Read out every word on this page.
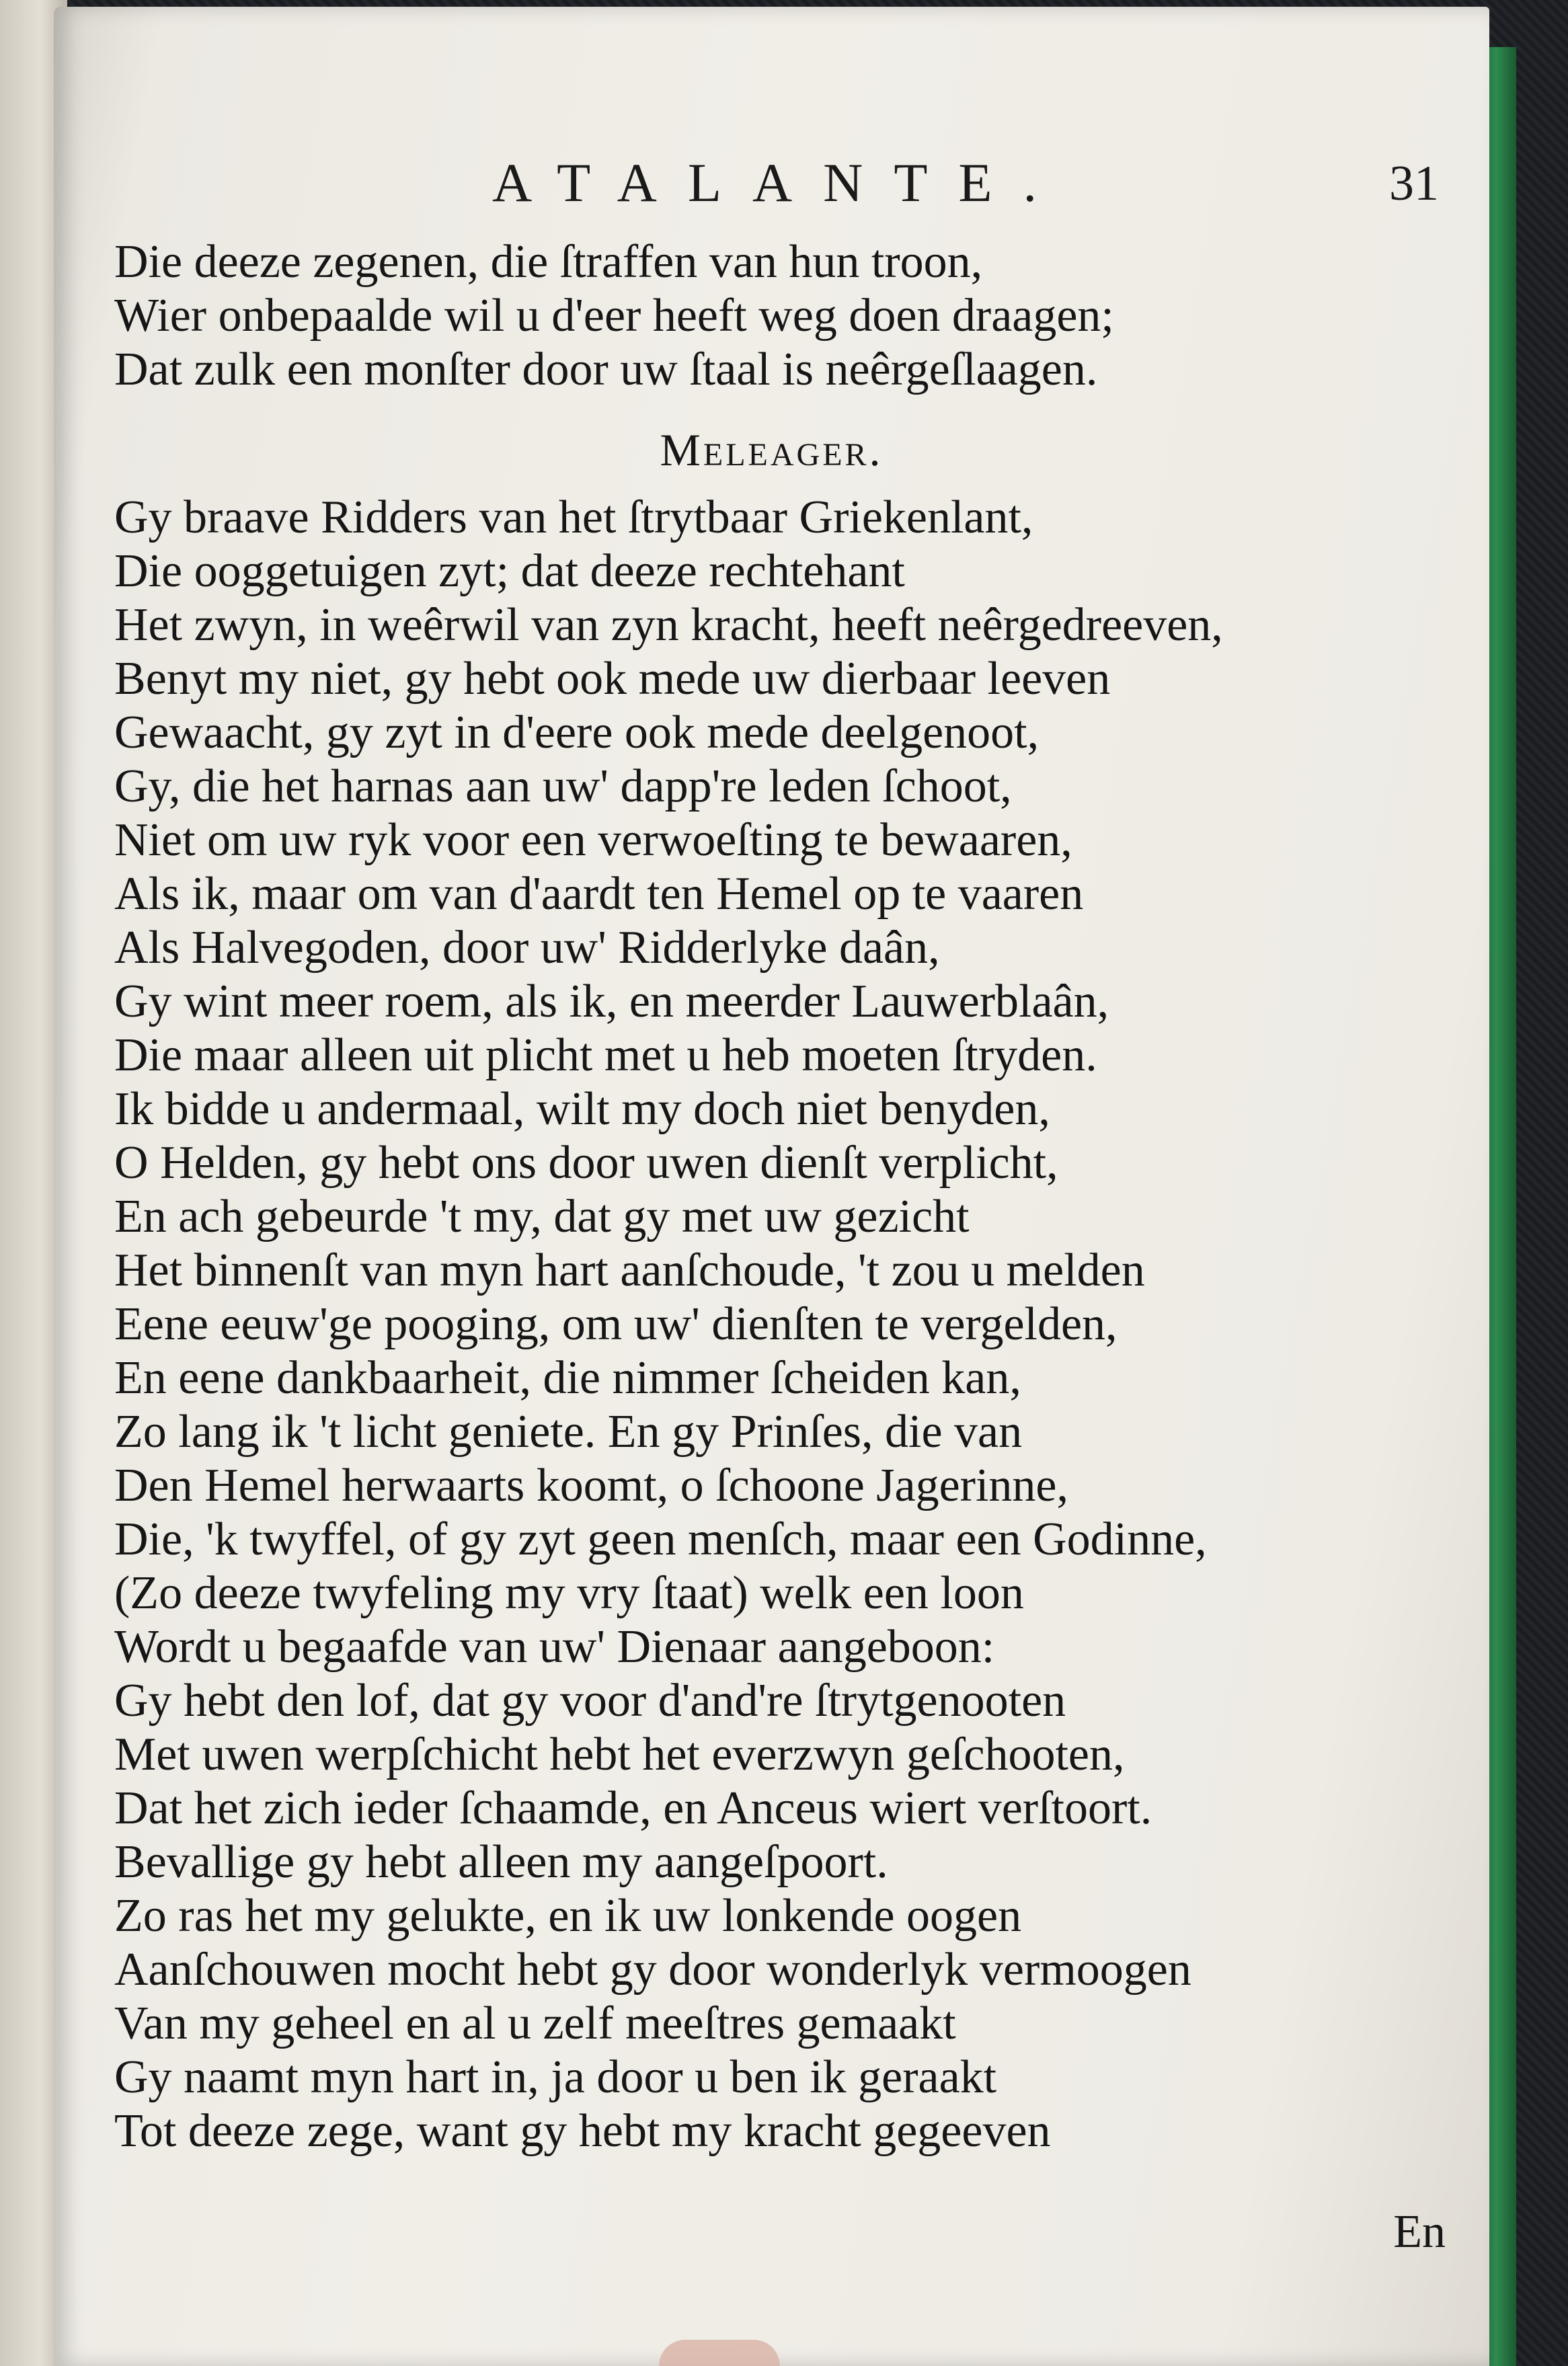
ATALANTE.	31
Die deeze zegenen, die ſtraffen van hun troon,
Wier onbepaalde wil u d'eer heeft weg doen draagen;
Dat zulk een monſter door uw ſtaal is neêrgeſlaagen.
Meleager.
Gy braave Ridders van het ſtrytbaar Griekenlant,
Die ooggetuigen zyt; dat deeze rechtehant
Het zwyn, in weêrwil van zyn kracht, heeft neêrgedreeven,
Benyt my niet, gy hebt ook mede uw dierbaar leeven
Gewaacht, gy zyt in d'eere ook mede deelgenoot,
Gy, die het harnas aan uw' dapp're leden ſchoot,
Niet om uw ryk voor een verwoeſting te bewaaren,
Als ik, maar om van d'aardt ten Hemel op te vaaren
Als Halvegoden, door uw' Ridderlyke daân,
Gy wint meer roem, als ik, en meerder Lauwerblaân,
Die maar alleen uit plicht met u heb moeten ſtryden.
Ik bidde u andermaal, wilt my doch niet benyden,
O Helden, gy hebt ons door uwen dienſt verplicht,
En ach gebeurde 't my, dat gy met uw gezicht
Het binnenſt van myn hart aanſchoude, 't zou u melden
Eene eeuw'ge pooging, om uw' dienſten te vergelden,
En eene dankbaarheit, die nimmer ſcheiden kan,
Zo lang ik 't licht geniete. En gy Prinſes, die van
Den Hemel herwaarts koomt, o ſchoone Jagerinne,
Die, 'k twyffel, of gy zyt geen menſch, maar een Godinne,
(Zo deeze twyfeling my vry ſtaat) welk een loon
Wordt u begaafde van uw' Dienaar aangeboon:
Gy hebt den lof, dat gy voor d'and're ſtrytgenooten
Met uwen werpſchicht hebt het everzwyn geſchooten,
Dat het zich ieder ſchaamde, en Anceus wiert verſtoort.
Bevallige gy hebt alleen my aangeſpoort.
Zo ras het my gelukte, en ik uw lonkende oogen
Aanſchouwen mocht hebt gy door wonderlyk vermoogen
Van my geheel en al u zelf meeſtres gemaakt
Gy naamt myn hart in, ja door u ben ik geraakt
Tot deeze zege, want gy hebt my kracht gegeeven
En
